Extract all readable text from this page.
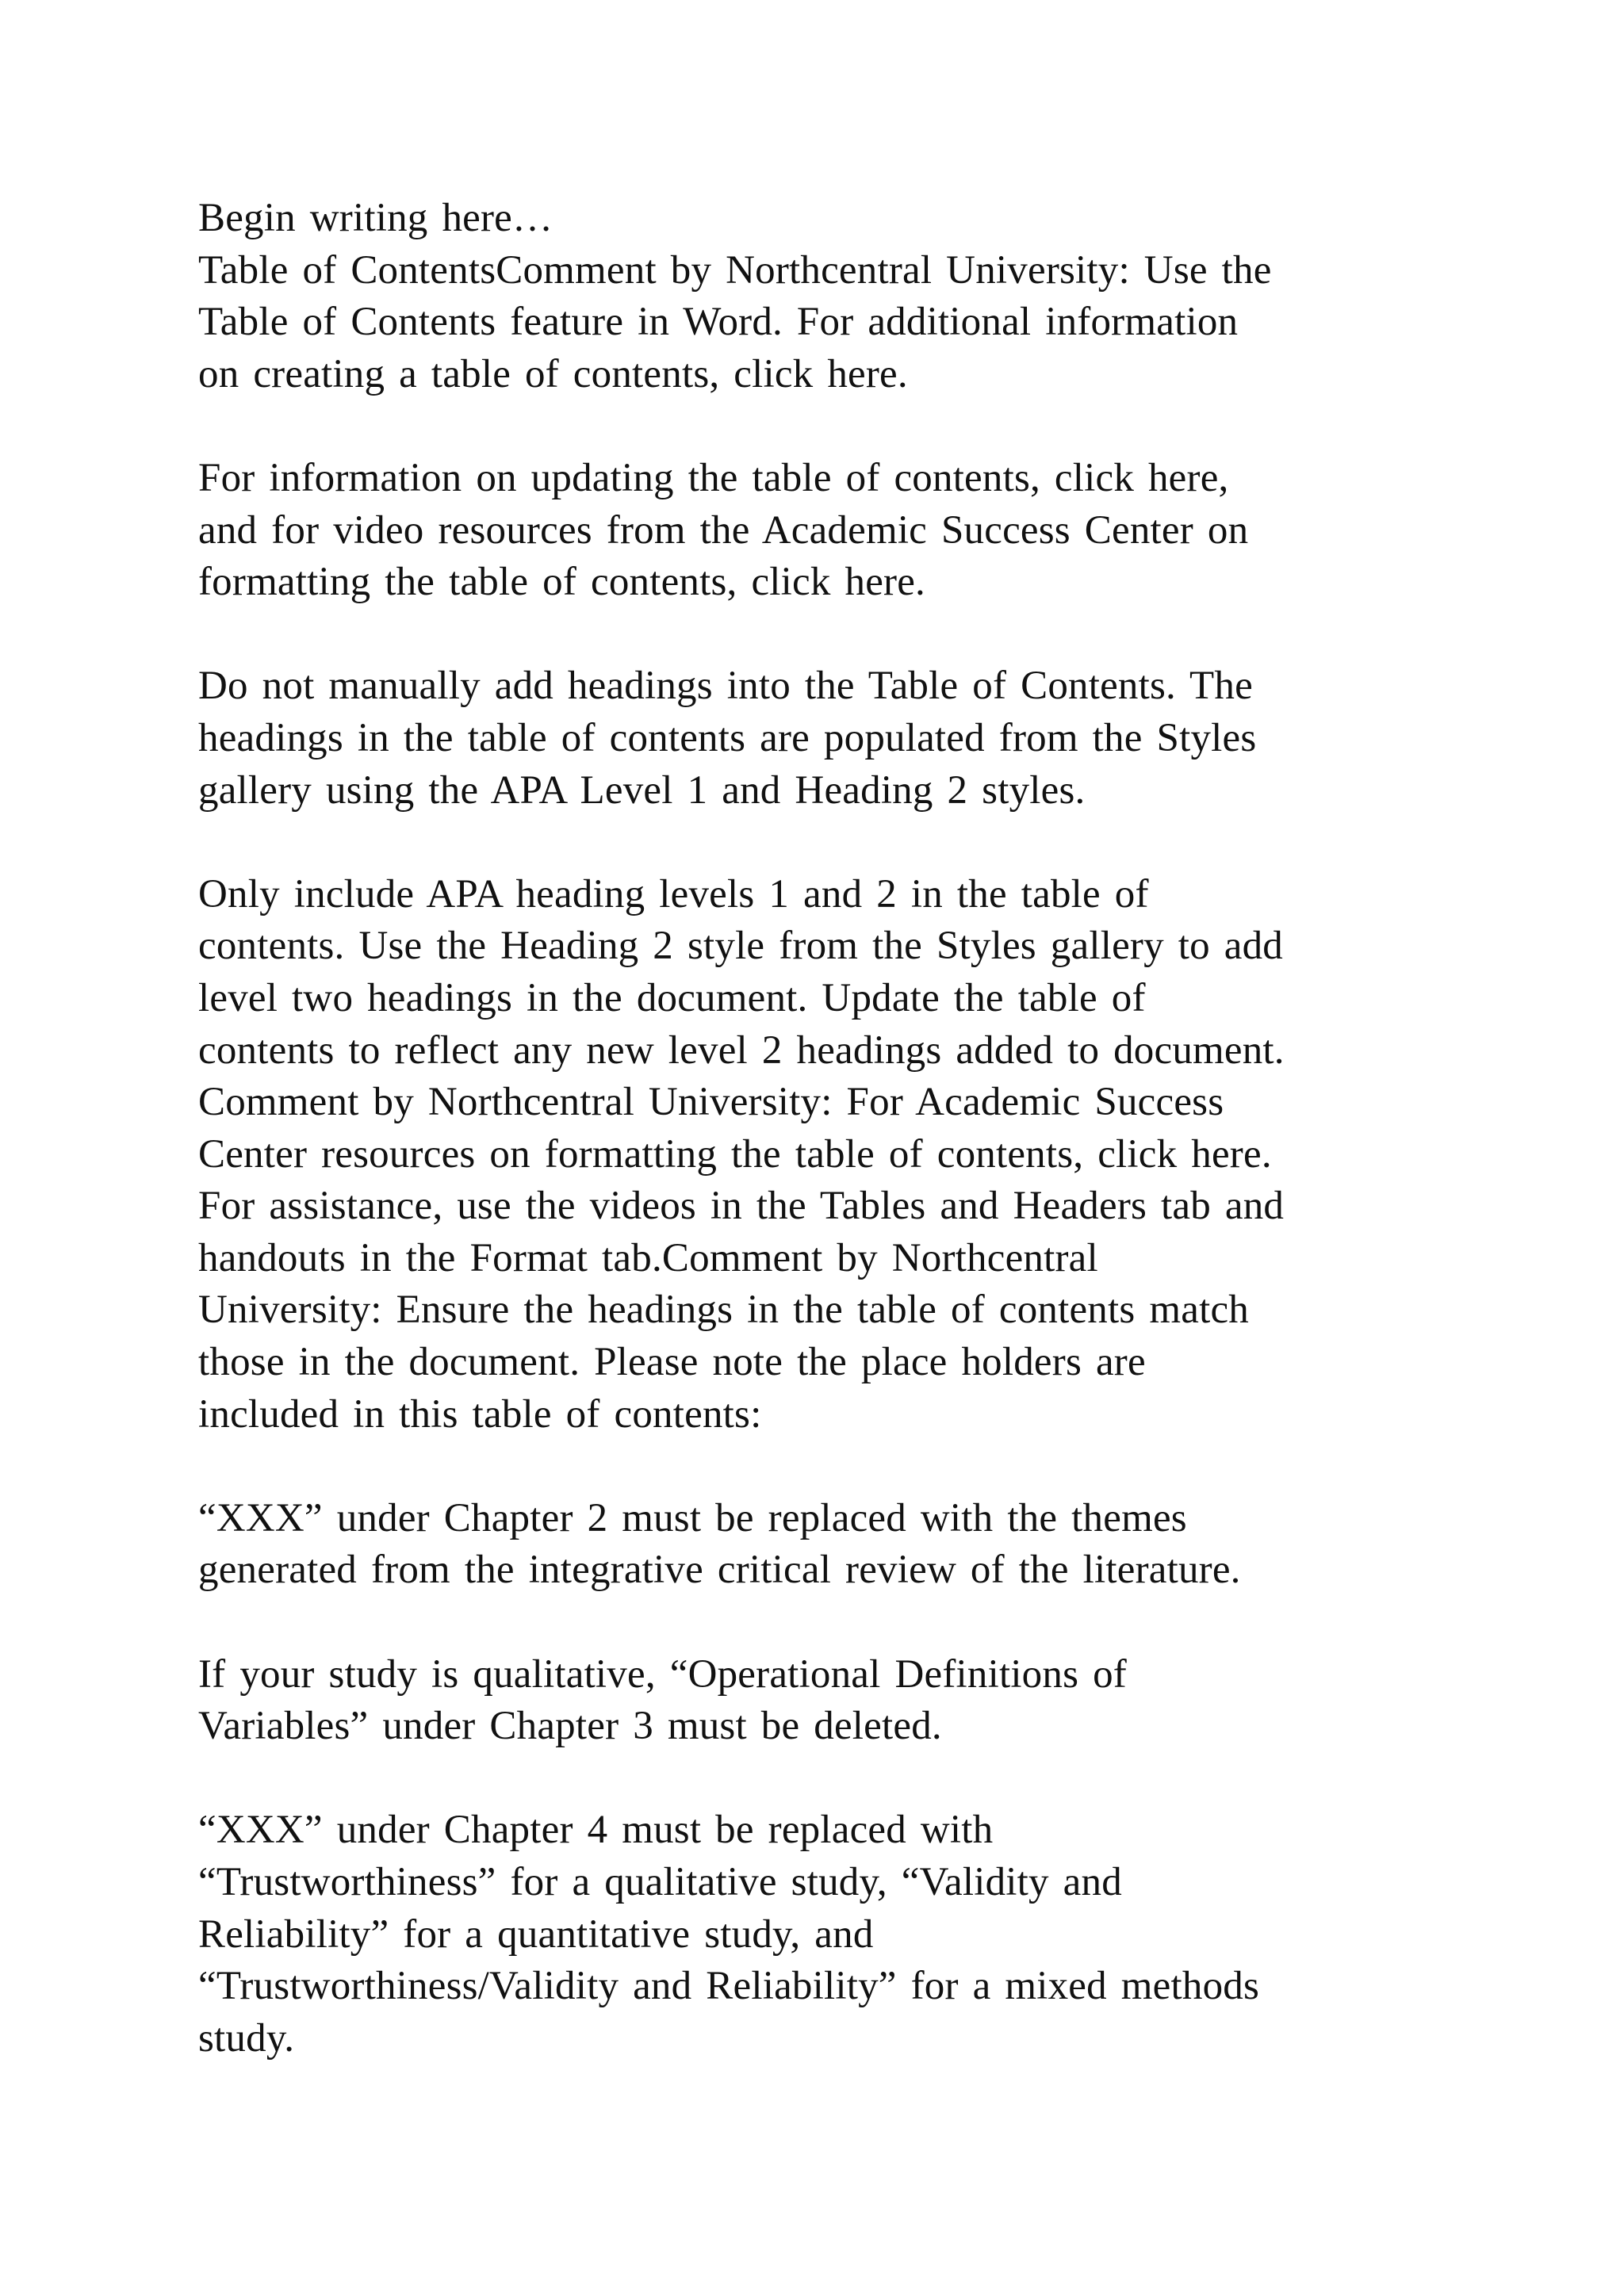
Begin writing here…
Table of ContentsComment by Northcentral University: Use the
Table of Contents feature in Word. For additional information
on creating a table of contents, click here.
For information on updating the table of contents, click here,
and for video resources from the Academic Success Center on
formatting the table of contents, click here.
Do not manually add headings into the Table of Contents. The
headings in the table of contents are populated from the Styles
gallery using the APA Level 1 and Heading 2 styles.
Only include APA heading levels 1 and 2 in the table of
contents. Use the Heading 2 style from the Styles gallery to add
level two headings in the document. Update the table of
contents to reflect any new level 2 headings added to document.
Comment by Northcentral University: For Academic Success
Center resources on formatting the table of contents, click here.
For assistance, use the videos in the Tables and Headers tab and
handouts in the Format tab.Comment by Northcentral
University: Ensure the headings in the table of contents match
those in the document. Please note the place holders are
included in this table of contents:
“XXX” under Chapter 2 must be replaced with the themes
generated from the integrative critical review of the literature.
If your study is qualitative, “Operational Definitions of
Variables” under Chapter 3 must be deleted.
“XXX” under Chapter 4 must be replaced with
“Trustworthiness” for a qualitative study, “Validity and
Reliability” for a quantitative study, and
“Trustworthiness/Validity and Reliability” for a mixed methods
study.
